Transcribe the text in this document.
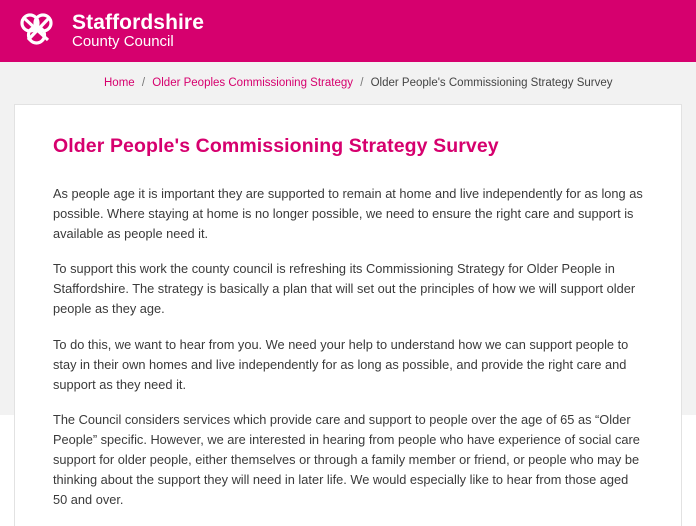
Staffordshire
County Council
Home / Older Peoples Commissioning Strategy / Older People's Commissioning Strategy Survey
Older People's Commissioning Strategy Survey

As people age it is important they are supported to remain at home and live independently for as long as possible. Where staying at home is no longer possible, we need to ensure the right care and support is available as people need it.

To support this work the county council is refreshing its Commissioning Strategy for Older People in Staffordshire. The strategy is basically a plan that will set out the principles of how we will support older people as they age.

To do this, we want to hear from you. We need your help to understand how we can support people to stay in their own homes and live independently for as long as possible, and provide the right care and support as they need it.

The Council considers services which provide care and support to people over the age of 65 as “Older People” specific. However, we are interested in hearing from people who have experience of social care support for older people, either themselves or through a family member or friend, or people who may be thinking about the support they will need in later life. We would especially like to hear from those aged 50 and over.
